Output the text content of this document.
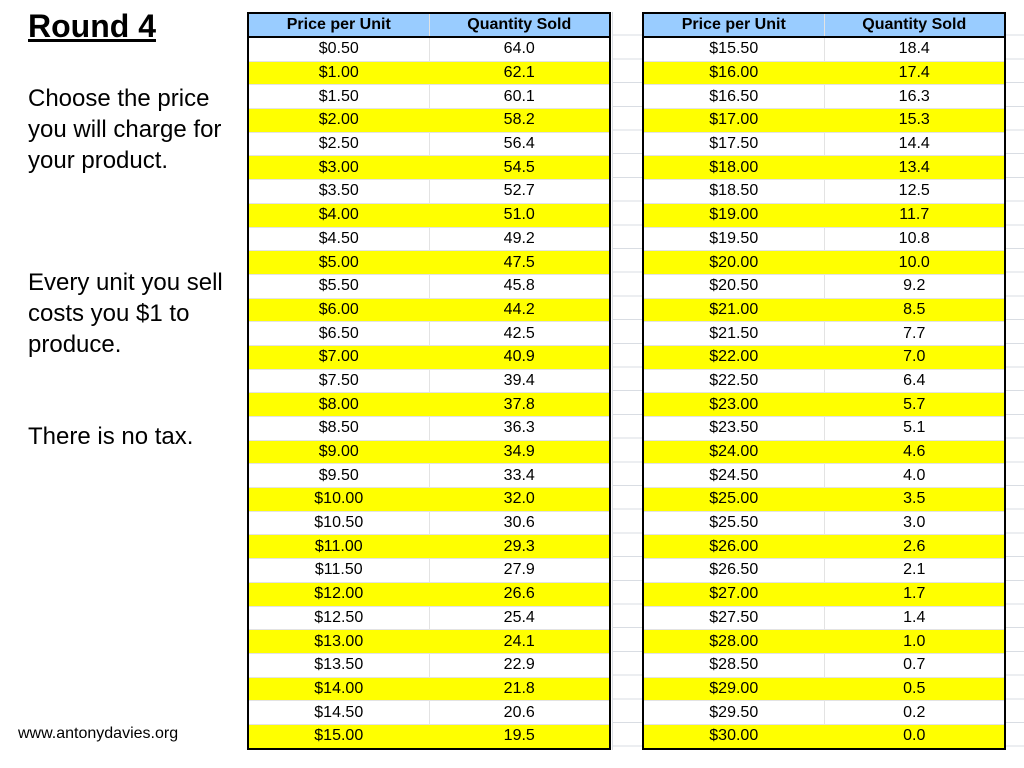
Round 4
Choose the price you will charge for your product.
Every unit you sell costs you $1 to produce.
There is no tax.
www.antonydavies.org
Price per Unit	Quantity Sold
$0.50	64.0
$1.00	62.1
$1.50	60.1
$2.00	58.2
$2.50	56.4
$3.00	54.5
$3.50	52.7
$4.00	51.0
$4.50	49.2
$5.00	47.5
$5.50	45.8
$6.00	44.2
$6.50	42.5
$7.00	40.9
$7.50	39.4
$8.00	37.8
$8.50	36.3
$9.00	34.9
$9.50	33.4
$10.00	32.0
$10.50	30.6
$11.00	29.3
$11.50	27.9
$12.00	26.6
$12.50	25.4
$13.00	24.1
$13.50	22.9
$14.00	21.8
$14.50	20.6
$15.00	19.5
Price per Unit	Quantity Sold
$15.50	18.4
$16.00	17.4
$16.50	16.3
$17.00	15.3
$17.50	14.4
$18.00	13.4
$18.50	12.5
$19.00	11.7
$19.50	10.8
$20.00	10.0
$20.50	9.2
$21.00	8.5
$21.50	7.7
$22.00	7.0
$22.50	6.4
$23.00	5.7
$23.50	5.1
$24.00	4.6
$24.50	4.0
$25.00	3.5
$25.50	3.0
$26.00	2.6
$26.50	2.1
$27.00	1.7
$27.50	1.4
$28.00	1.0
$28.50	0.7
$29.00	0.5
$29.50	0.2
$30.00	0.0
